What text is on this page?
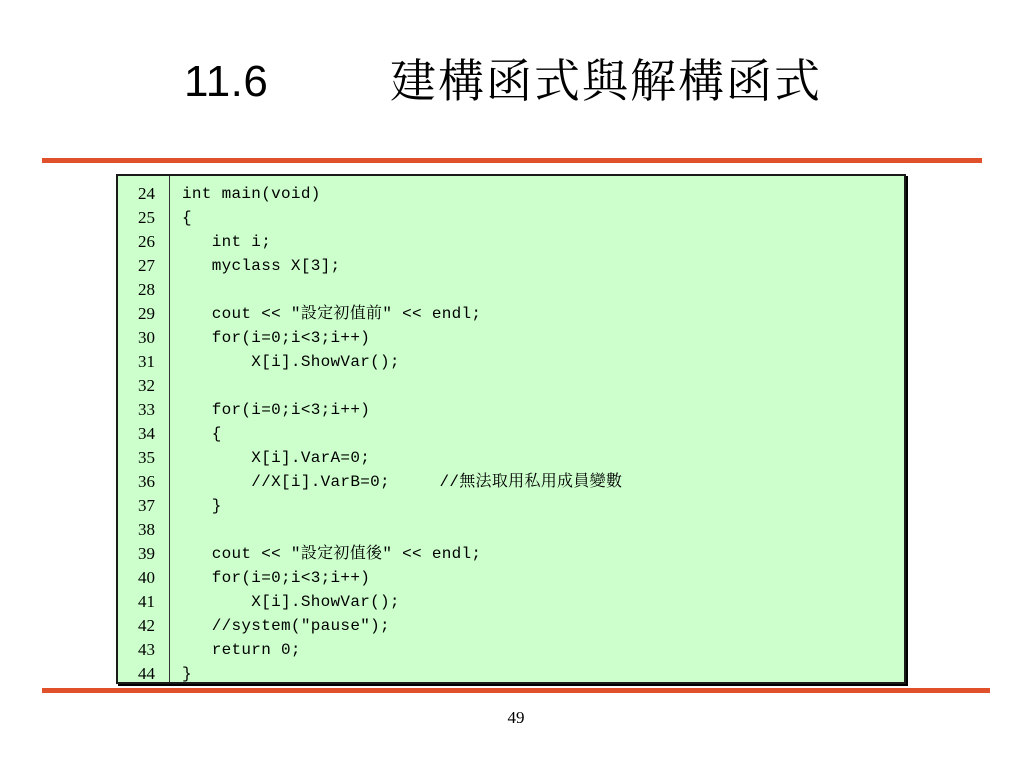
11.6	建構函式與解構函式
24
25
26
27
28
29
30
31
32
33
34
35
36
37
38
39
40
41
42
43
44
int main(void)
{
int i;
myclass X[3];
cout << "設定初值前" << endl;
for(i=0;i<3;i++)
X[i].ShowVar();
for(i=0;i<3;i++)
{
X[i].VarA=0;
//X[i].VarB=0;     //無法取用私用成員變數
}
cout << "設定初值後" << endl;
for(i=0;i<3;i++)
X[i].ShowVar();
//system("pause");
return 0;
}
49
